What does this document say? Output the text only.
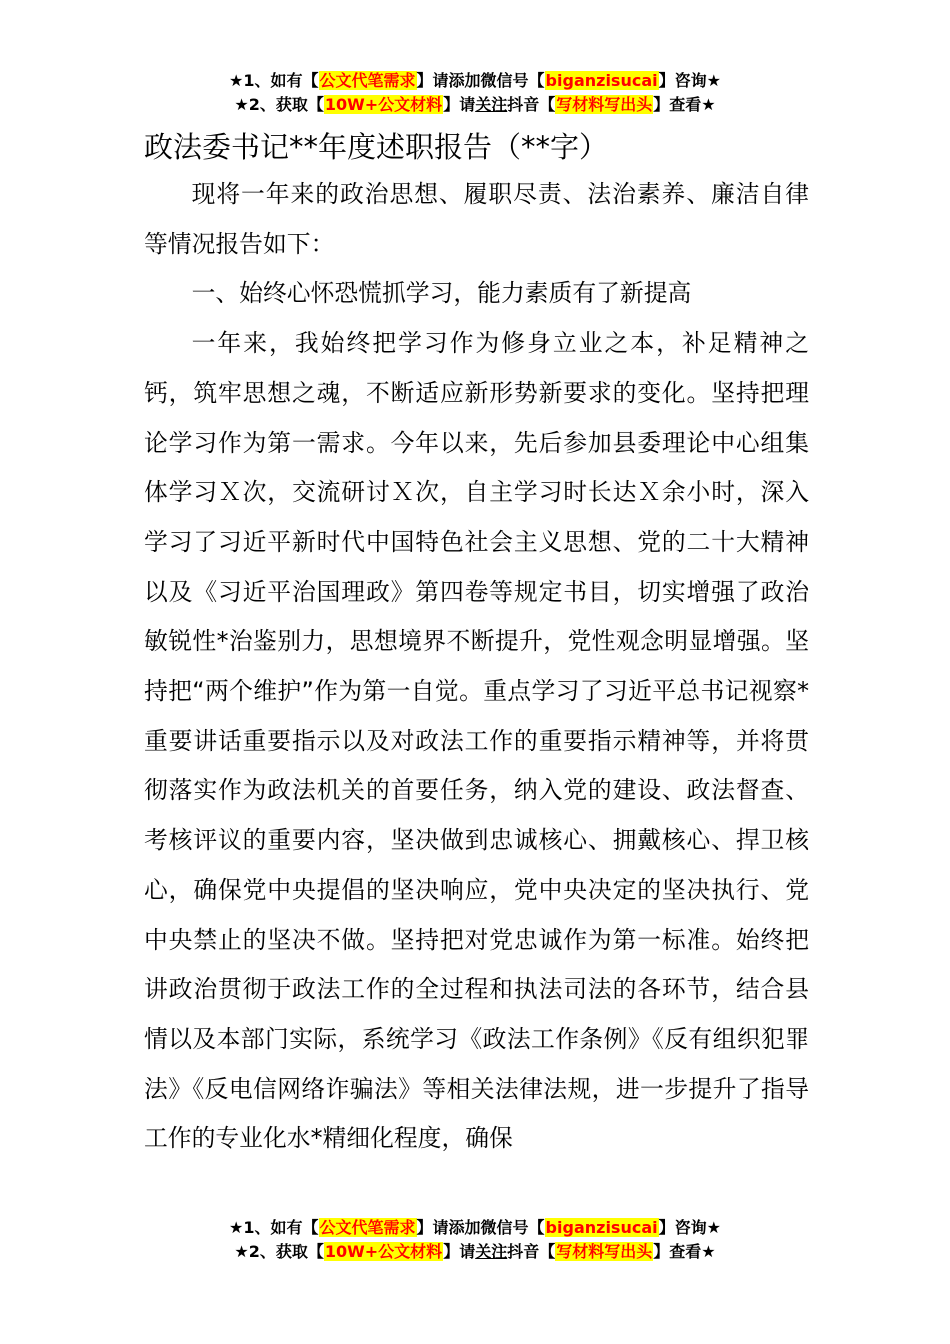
★1、如有【公文代笔需求】请添加微信号【biganzisucai】咨询★
★2、获取【10W+公文材料】请关注抖音【写材料写出头】查看★
政法委书记**年度述职报告（**字）

现将一年来的政治思想、履职尽责、法治素养、廉洁自律等情况报告如下：

一、始终心怀恐慌抓学习，能力素质有了新提高

一年来，我始终把学习作为修身立业之本，补足精神之钙，筑牢思想之魂，不断适应新形势新要求的变化。坚持把理论学习作为第一需求。今年以来，先后参加县委理论中心组集体学习Ｘ次，交流研讨Ｘ次，自主学习时长达Ｘ余小时，深入学习了习近平新时代中国特色社会主义思想、党的二十大精神以及《习近平治国理政》第四卷等规定书目，切实增强了政治敏锐性*治鉴别力，思想境界不断提升，党性观念明显增强。坚持把“两个维护”作为第一自觉。重点学习了习近平总书记视察*重要讲话重要指示以及对政法工作的重要指示精神等，并将贯彻落实作为政法机关的首要任务，纳入党的建设、政法督查、考核评议的重要内容，坚决做到忠诚核心、拥戴核心、捍卫核心，确保党中央提倡的坚决响应，党中央决定的坚决执行、党中央禁止的坚决不做。坚持把对党忠诚作为第一标准。始终把讲政治贯彻于政法工作的全过程和执法司法的各环节，结合县情以及本部门实际，系统学习《政法工作条例》《反有组织犯罪法》《反电信网络诈骗法》等相关法律法规，进一步提升了指导工作的专业化水*精细化程度，确保

★1、如有【公文代笔需求】请添加微信号【biganzisucai】咨询★
★2、获取【10W+公文材料】请关注抖音【写材料写出头】查看★
